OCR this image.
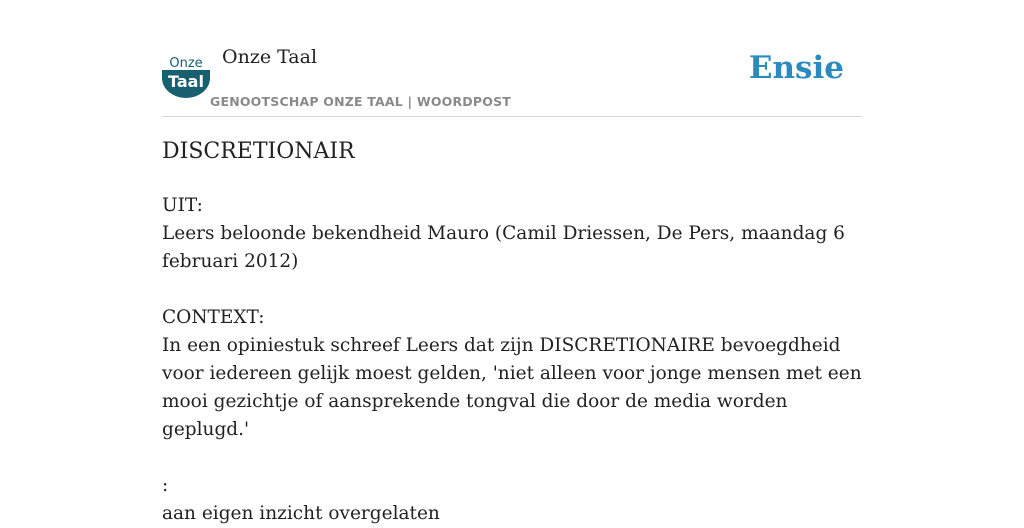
Onze
Taal
Onze Taal
GENOOTSCHAP ONZE TAAL | WOORDPOST
Ensie
DISCRETIONAIR

UIT:

Leers beloonde bekendheid Mauro (Camil Driessen, De Pers, maandag 6 februari 2012)

CONTEXT:

In een opiniestuk schreef Leers dat zijn DISCRETIONAIRE bevoegdheid voor iedereen gelijk moest gelden, 'niet alleen voor jonge mensen met een mooi gezichtje of aansprekende tongval die door de media worden geplugd.'

:

aan eigen inzicht overgelaten
